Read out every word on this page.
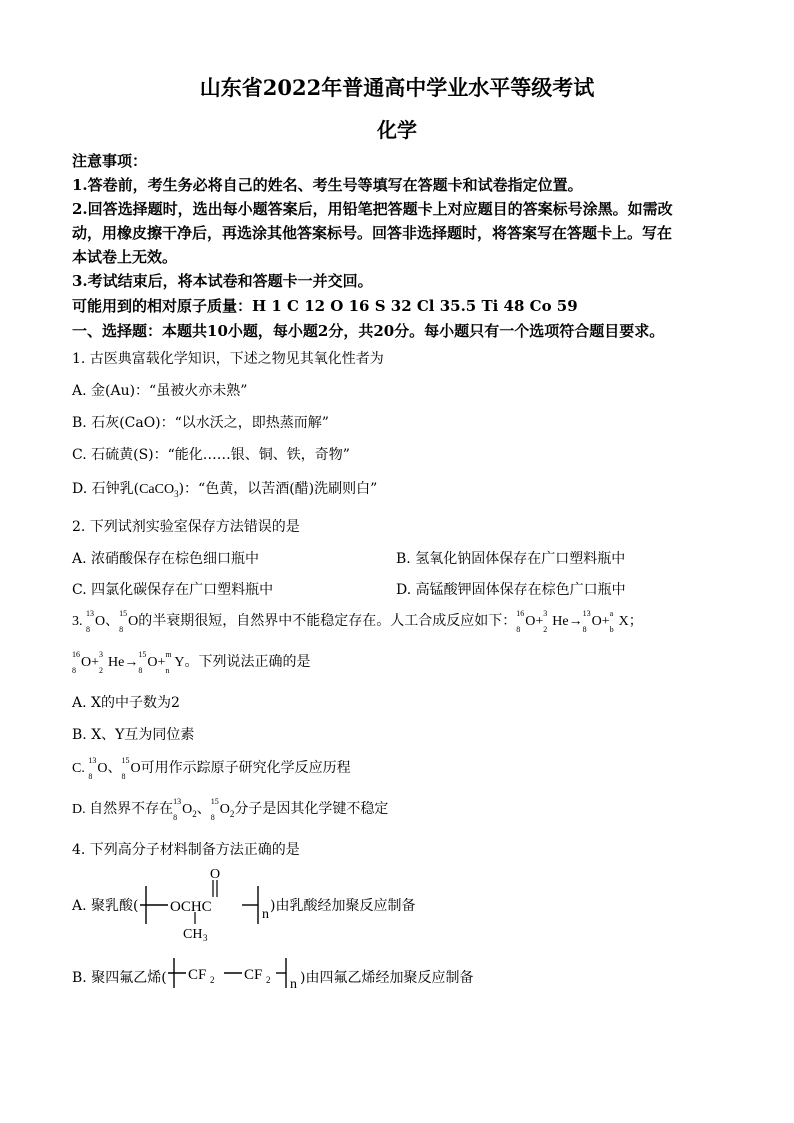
山东省2022年普通高中学业水平等级考试
化学
注意事项：
1.答卷前，考生务必将自己的姓名、考生号等填写在答题卡和试卷指定位置。
2.回答选择题时，选出每小题答案后，用铅笔把答题卡上对应题目的答案标号涂黑。如需改
动，用橡皮擦干净后，再选涂其他答案标号。回答非选择题时，将答案写在答题卡上。写在
本试卷上无效。
3.考试结束后，将本试卷和答题卡一并交回。
可能用到的相对原子质量：H 1 C 12 O 16 S 32 Cl 35.5 Ti 48 Co 59
一、选择题：本题共10小题，每小题2分，共20分。每小题只有一个选项符合题目要求。
1. 古医典富载化学知识，下述之物见其氧化性者为
A. 金(Au)：“虽被火亦未熟”
B. 石灰(CaO)：“以水沃之，即热蒸而解”
C. 石硫黄(S)：“能化……银、铜、铁，奇物”
D. 石钟乳(CaCO$_3$)：“色黄，以苦酒(醋)洗刷则白”
2. 下列试剂实验室保存方法错误的是
A. 浓硝酸保存在棕色细口瓶中	B. 氢氧化钠固体保存在广口塑料瓶中
C. 四氯化碳保存在广口塑料瓶中	D. 高锰酸钾固体保存在棕色广口瓶中
3.
13
8
O、
15
8
O的半衰期很短，自然界中不能稳定存在。人工合成反应如下：
16
8
O+
3
2
He→
13
8
O+
a
b
X；
16
8
O+
3
2
He→
15
8
O+
m
n
Y。下列说法正确的是
A. X的中子数为2
B. X、Y互为同位素
C.
13
8
O、
15
8
O可用作示踪原子研究化学反应历程
D. 自然界不存在
13
8
$O_2$、
15
8
$O_2$分子是因其化学键不稳定
4. 下列高分子材料制备方法正确的是
A. 聚乳酸( OCHC
O
CH 3
n
)由乳酸经加聚反应制备
B. 聚四氟乙烯( CF 2 CF 2 n )由四氟乙烯经加聚反应制备
